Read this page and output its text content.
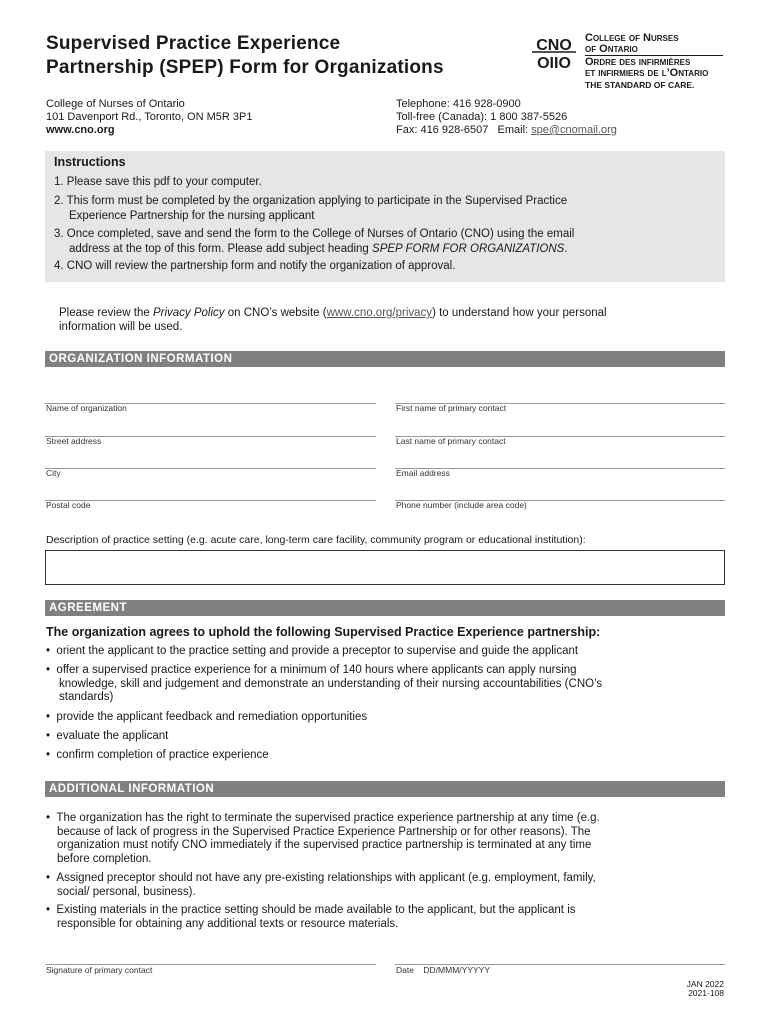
Supervised Practice Experience
Partnership (SPEP) Form for Organizations
CNO
OIIO
College of Nurses
of Ontario
Ordre des infirmières
et infirmiers de l’Ontario
THE STANDARD OF CARE.
College of Nurses of Ontario
101 Davenport Rd., Toronto, ON M5R 3P1
www.cno.org
Telephone: 416 928-0900
Toll-free (Canada): 1 800 387-5526
Fax: 416 928-6507 Email: spe@cnomail.org
Instructions
1. Please save this pdf to your computer.
2. This form must be completed by the organization applying to participate in the Supervised Practice
Experience Partnership for the nursing applicant
3. Once completed, save and send the form to the College of Nurses of Ontario (CNO) using the email
address at the top of this form. Please add subject heading SPEP FORM FOR ORGANIZATIONS.
4. CNO will review the partnership form and notify the organization of approval.
Please review the Privacy Policy on CNO’s website (www.cno.org/privacy) to understand how your personal
information will be used.
ORGANIZATION INFORMATION
Name of organization
Street address
City
Postal code
First name of primary contact
Last name of primary contact
Email address
Phone number (include area code)
Description of practice setting (e.g. acute care, long-term care facility, community program or educational institution):
AGREEMENT
The organization agrees to uphold the following Supervised Practice Experience partnership:
•  orient the applicant to the practice setting and provide a preceptor to supervise and guide the applicant
•  offer a supervised practice experience for a minimum of 140 hours where applicants can apply nursing
knowledge, skill and judgement and demonstrate an understanding of their nursing accountabilities (CNO’s
standards)
•  provide the applicant feedback and remediation opportunities
•  evaluate the applicant
•  confirm completion of practice experience
ADDITIONAL INFORMATION
•  The organization has the right to terminate the supervised practice experience partnership at any time (e.g.
because of lack of progress in the Supervised Practice Experience Partnership or for other reasons). The
organization must notify CNO immediately if the supervised practice partnership is terminated at any time
before completion.
•  Assigned preceptor should not have any pre-existing relationships with applicant (e.g. employment, family,
social/ personal, business).
•  Existing materials in the practice setting should be made available to the applicant, but the applicant is
responsible for obtaining any additional texts or resource materials.
Signature of primary contact	Date DD/MMM/YYYYY
JAN 2022
2021-108
